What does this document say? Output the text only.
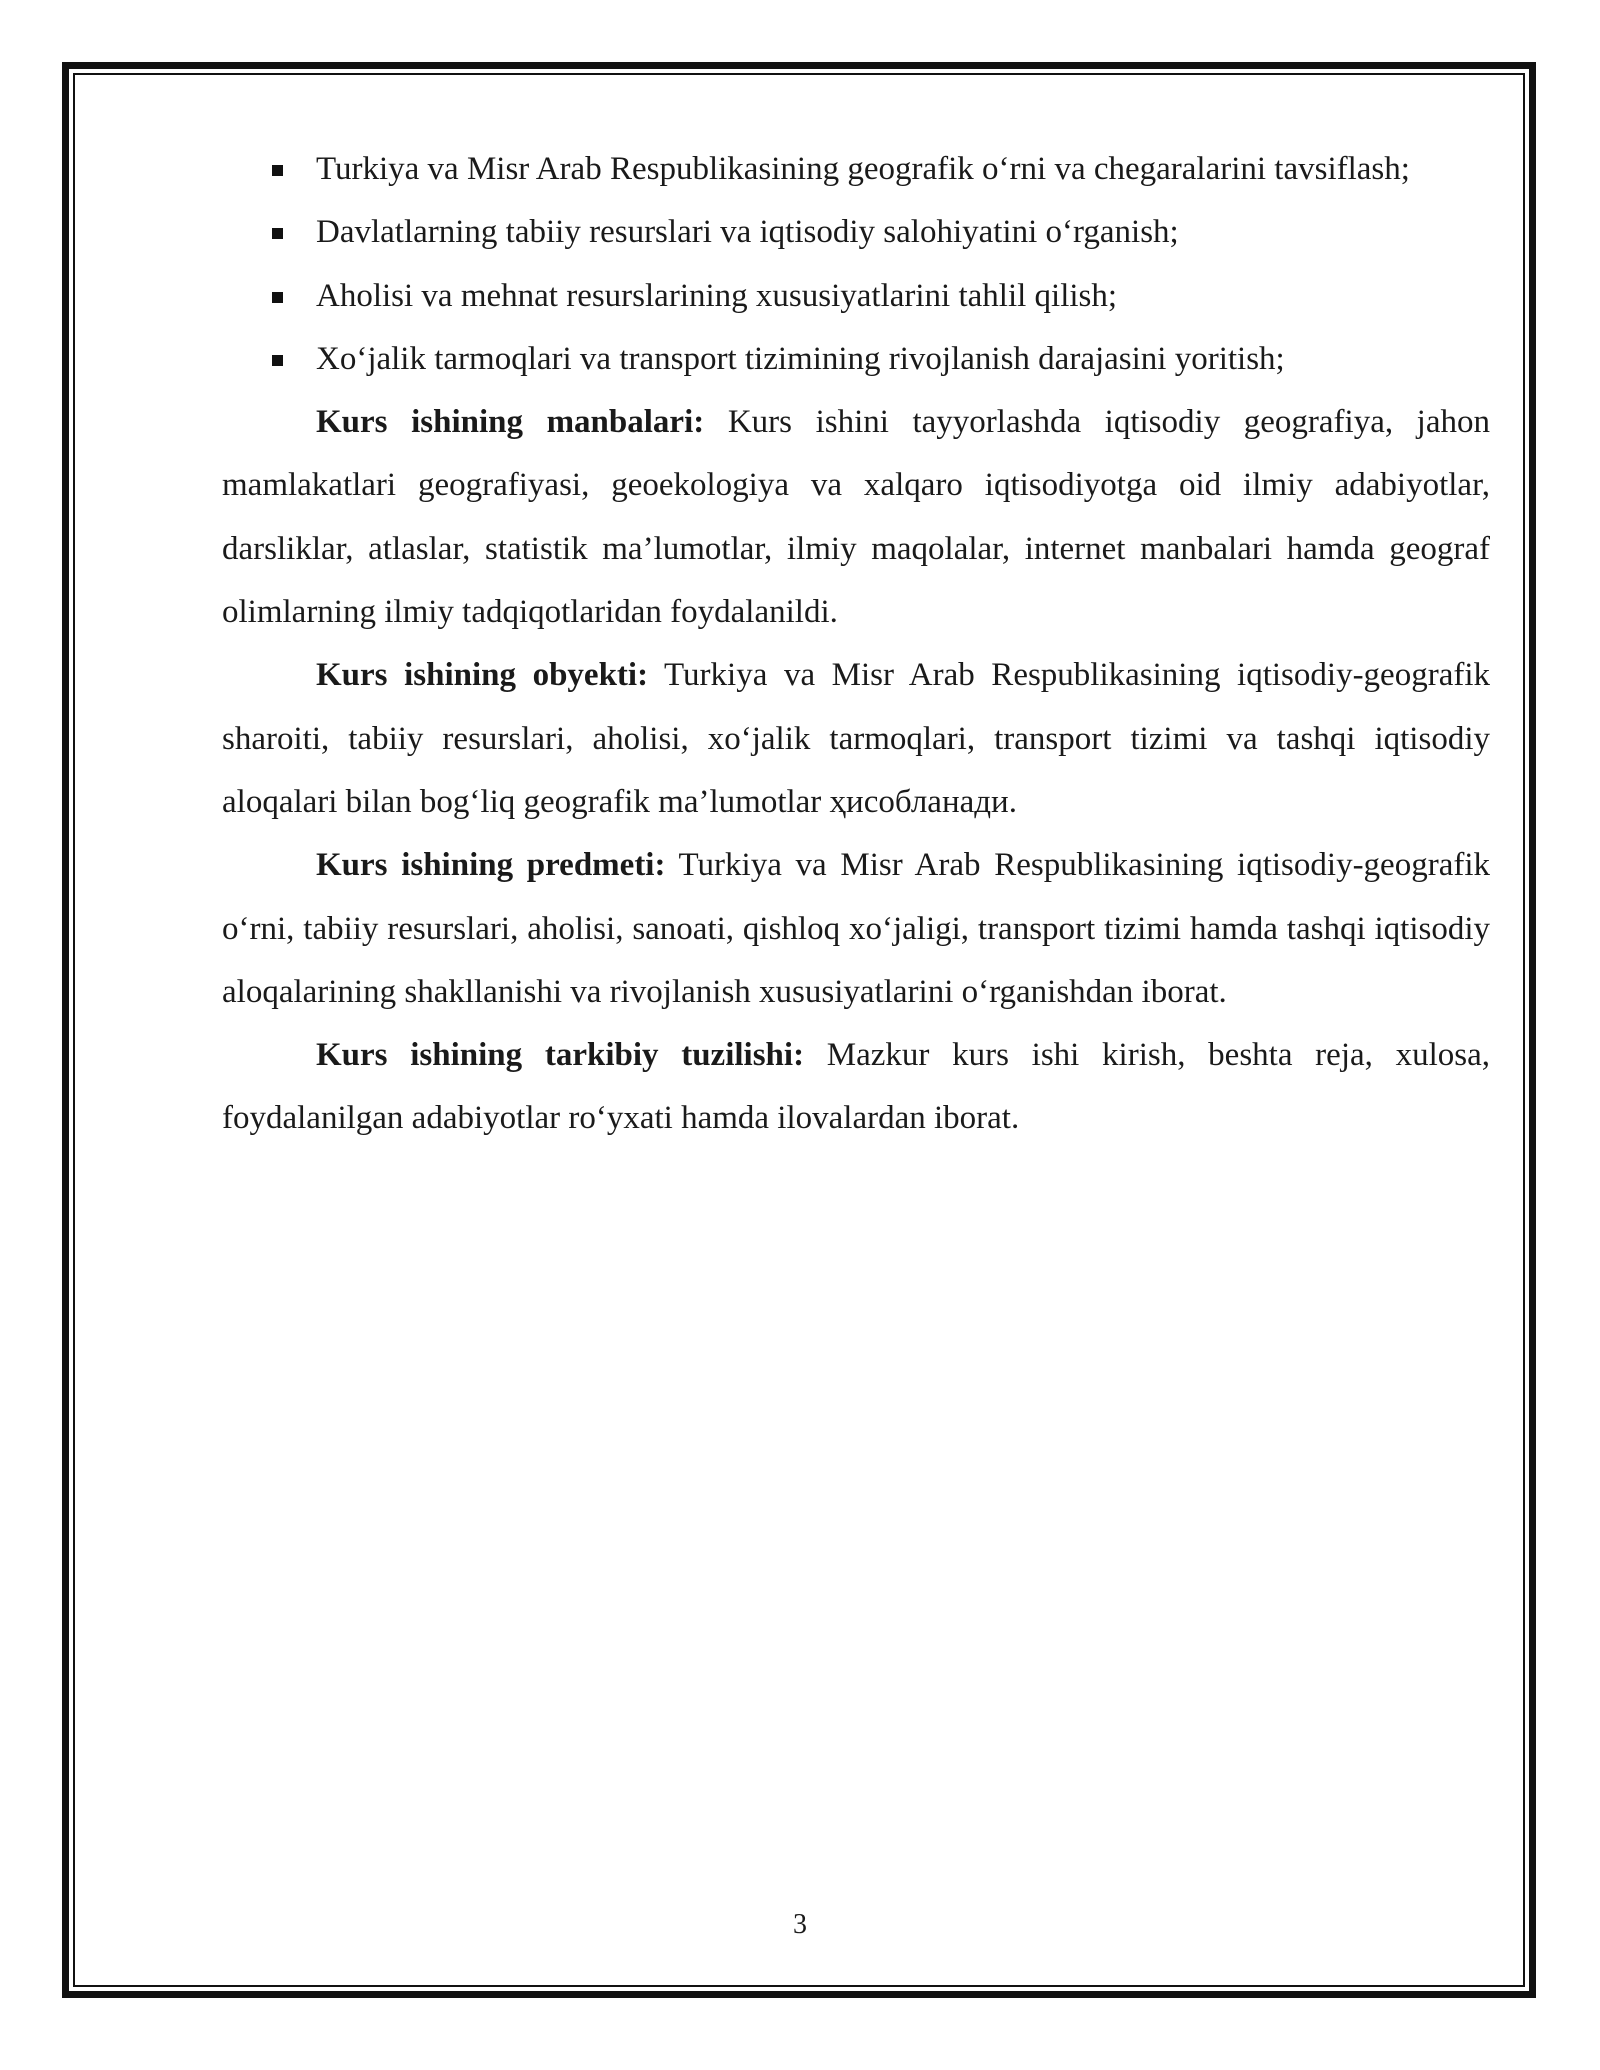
Turkiya va Misr Arab Respublikasining geografik o‘rni va chegaralarini tavsiflash;
Davlatlarning tabiiy resurslari va iqtisodiy salohiyatini o‘rganish;
Aholisi va mehnat resurslarining xususiyatlarini tahlil qilish;
Xo‘jalik tarmoqlari va transport tizimining rivojlanish darajasini yoritish;

Kurs ishining manbalari: Kurs ishini tayyorlashda iqtisodiy geografiya, jahon mamlakatlari geografiyasi, geoekologiya va xalqaro iqtisodiyotga oid ilmiy adabiyotlar, darsliklar, atlaslar, statistik ma’lumotlar, ilmiy maqolalar, internet manbalari hamda geograf olimlarning ilmiy tadqiqotlaridan foydalanildi.

Kurs ishining obyekti: Turkiya va Misr Arab Respublikasining iqtisodiy-geografik sharoiti, tabiiy resurslari, aholisi, xo‘jalik tarmoqlari, transport tizimi va tashqi iqtisodiy aloqalari bilan bog‘liq geografik ma’lumotlar ҳисобланади.

Kurs ishining predmeti: Turkiya va Misr Arab Respublikasining iqtisodiy-geografik o‘rni, tabiiy resurslari, aholisi, sanoati, qishloq xo‘jaligi, transport tizimi hamda tashqi iqtisodiy aloqalarining shakllanishi va rivojlanish xususiyatlarini o‘rganishdan iborat.

Kurs ishining tarkibiy tuzilishi: Mazkur kurs ishi kirish, beshta reja, xulosa, foydalanilgan adabiyotlar ro‘yxati hamda ilovalardan iborat.

3
